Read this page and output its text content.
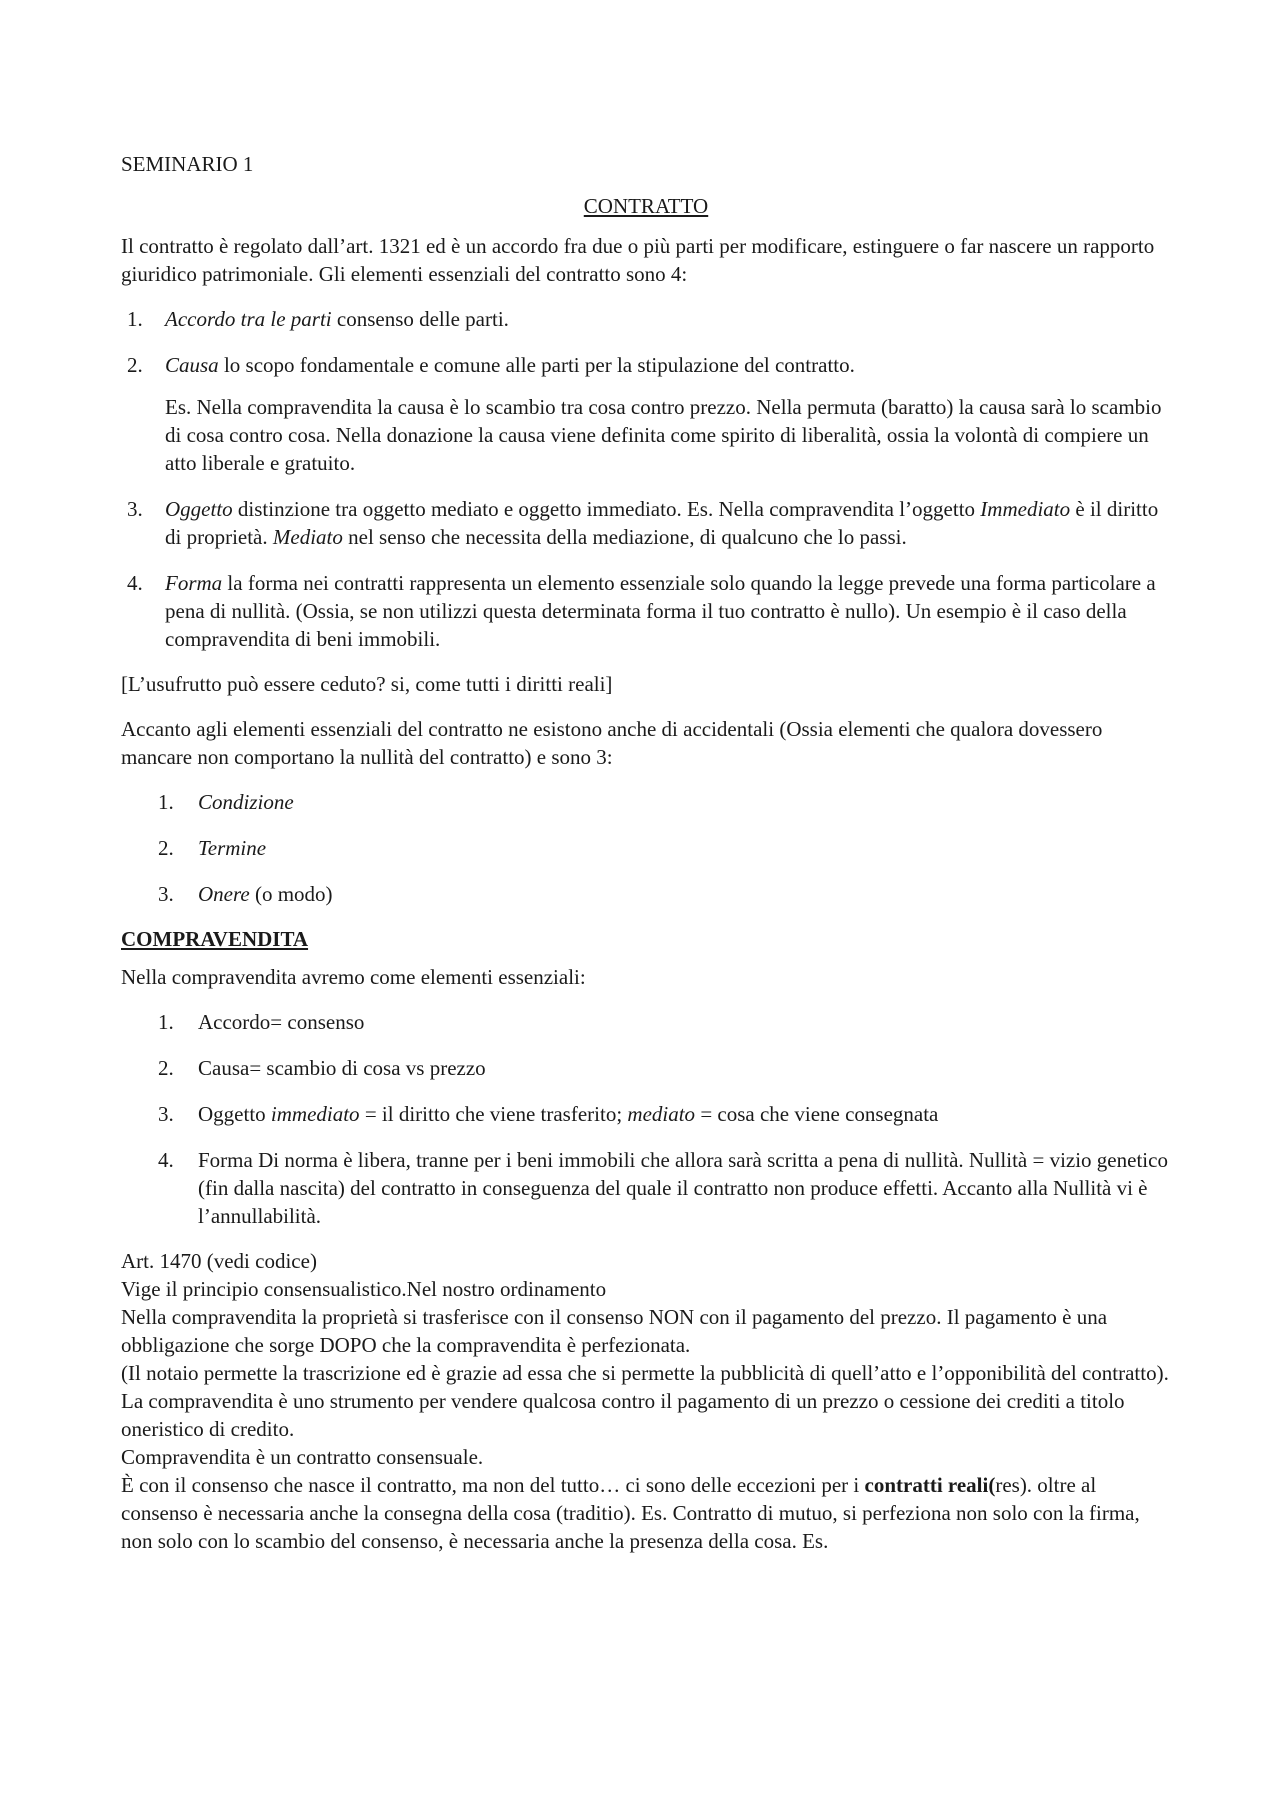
SEMINARIO 1

CONTRATTO

Il contratto è regolato dall’art. 1321 ed è un accordo fra due o più parti per modificare, estinguere o far nascere un rapporto giuridico patrimoniale. Gli elementi essenziali del contratto sono 4:

1. Accordo tra le parti consenso delle parti.
2. Causa lo scopo fondamentale e comune alle parti per la stipulazione del contratto.
Es. Nella compravendita la causa è lo scambio tra cosa contro prezzo. Nella permuta (baratto) la causa sarà lo scambio di cosa contro cosa. Nella donazione la causa viene definita come spirito di liberalità, ossia la volontà di compiere un atto liberale e gratuito.
3. Oggetto distinzione tra oggetto mediato e oggetto immediato. Es. Nella compravendita l’oggetto Immediato è il diritto di proprietà. Mediato nel senso che necessita della mediazione, di qualcuno che lo passi.
4. Forma la forma nei contratti rappresenta un elemento essenziale solo quando la legge prevede una forma particolare a pena di nullità. (Ossia, se non utilizzi questa determinata forma il tuo contratto è nullo). Un esempio è il caso della compravendita di beni immobili.

[L’usufrutto può essere ceduto? si, come tutti i diritti reali]

Accanto agli elementi essenziali del contratto ne esistono anche di accidentali (Ossia elementi che qualora dovessero mancare non comportano la nullità del contratto) e sono 3:

1. Condizione
2. Termine
3. Onere (o modo)

COMPRAVENDITA

Nella compravendita avremo come elementi essenziali:

1. Accordo= consenso
2. Causa= scambio di cosa vs prezzo
3. Oggetto immediato = il diritto che viene trasferito; mediato = cosa che viene consegnata
4. Forma Di norma è libera, tranne per i beni immobili che allora sarà scritta a pena di nullità. Nullità = vizio genetico (fin dalla nascita) del contratto in conseguenza del quale il contratto non produce effetti. Accanto alla Nullità vi è l’annullabilità.

Art. 1470 (vedi codice)

Vige il principio consensualistico.Nel nostro ordinamento

Nella compravendita la proprietà si trasferisce con il consenso NON con il pagamento del prezzo. Il pagamento è una obbligazione che sorge DOPO che la compravendita è perfezionata.

(Il notaio permette la trascrizione ed è grazie ad essa che si permette la pubblicità di quell’atto e l’opponibilità del contratto).

La compravendita è uno strumento per vendere qualcosa contro il pagamento di un prezzo o cessione dei crediti a titolo oneristico di credito.

Compravendita è un contratto consensuale.

È con il consenso che nasce il contratto, ma non del tutto… ci sono delle eccezioni per i contratti reali(res). oltre al consenso è necessaria anche la consegna della cosa (traditio). Es. Contratto di mutuo, si perfeziona non solo con la firma, non solo con lo scambio del consenso, è necessaria anche la presenza della cosa. Es.
